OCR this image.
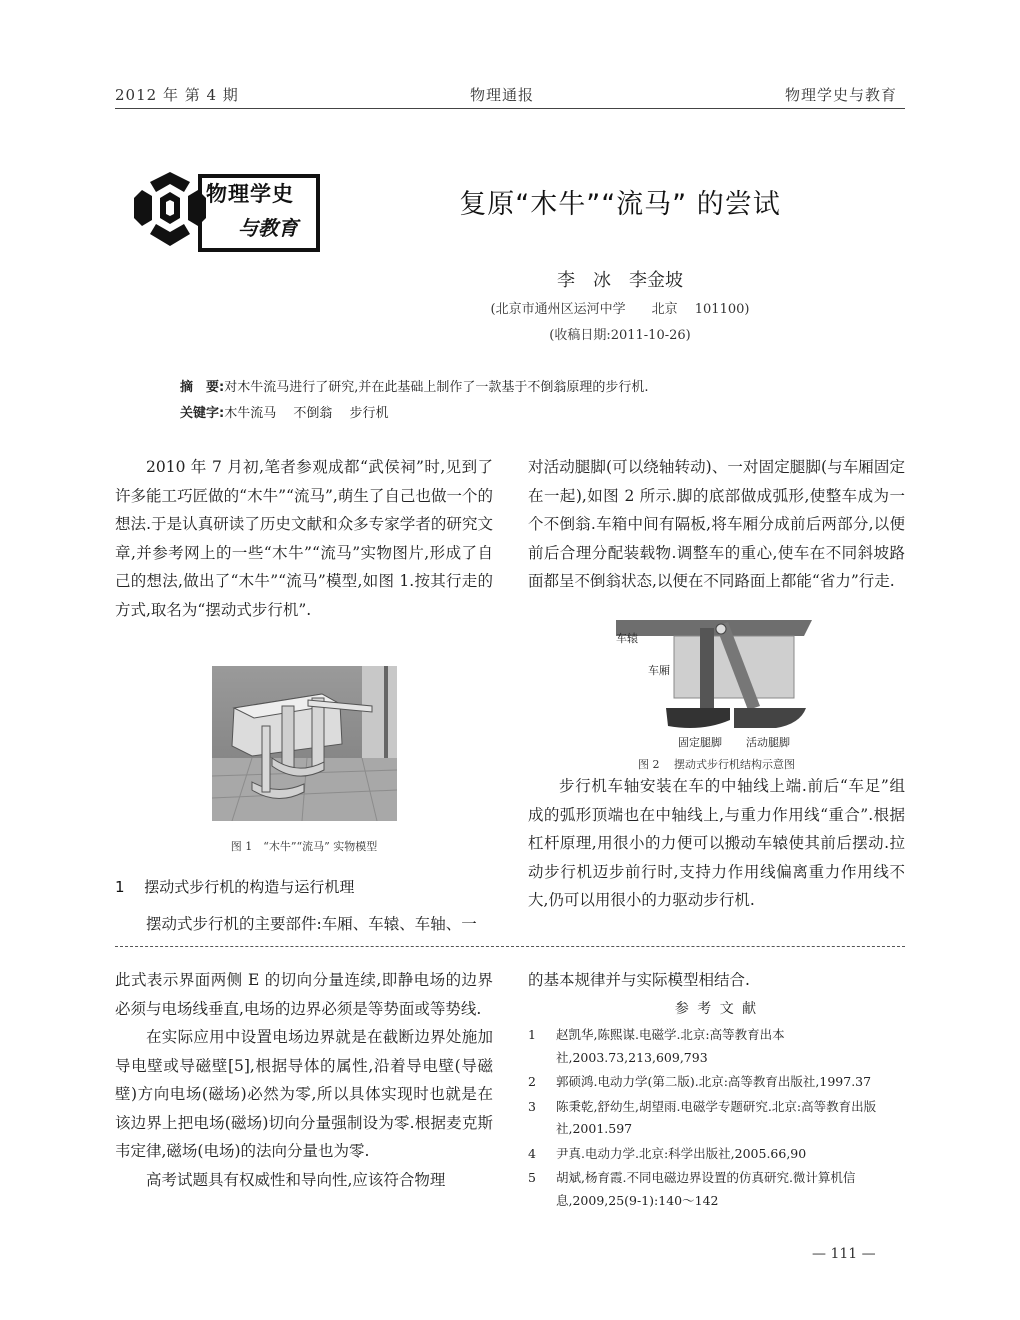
2012 年 第 4 期	物理通报	物理学史与教育
物理学史
与教育
复原“木牛”“流马” 的尝试
李　冰　李金坡
(北京市通州区运河中学　　北京　 101100)
(收稿日期:2011-10-26)
摘　要:对木牛流马进行了研究,并在此基础上制作了一款基于不倒翁原理的步行机.
关键字:木牛流马　 不倒翁　 步行机

2010 年 7 月初,笔者参观成都“武侯祠”时,见到了许多能工巧匠做的“木牛”“流马”,萌生了自己也做一个的想法.于是认真研读了历史文献和众多专家学者的研究文章,并参考网上的一些“木牛”“流马”实物图片,形成了自己的想法,做出了“木牛”“流马”模型,如图 1.按其行走的方式,取名为“摆动式步行机”.

图 1　“木牛”“流马” 实物模型
1　 摆动式步行机的构造与运行机理

摆动式步行机的主要部件:车厢、车辕、车轴、一

对活动腿脚(可以绕轴转动)、一对固定腿脚(与车厢固定在一起),如图 2 所示.脚的底部做成弧形,使整车成为一个不倒翁.车箱中间有隔板,将车厢分成前后两部分,以便前后合理分配装载物.调整车的重心,使车在不同斜坡路面都呈不倒翁状态,以便在不同路面上都能“省力”行走.

车辕
车厢
固定腿脚 活动腿脚
图 2　 摆动式步行机结构示意图

步行机车轴安装在车的中轴线上端.前后“车足”组成的弧形顶端也在中轴线上,与重力作用线“重合”.根据杠杆原理,用很小的力便可以搬动车辕使其前后摆动.拉动步行机迈步前行时,支持力作用线偏离重力作用线不大,仍可以用很小的力驱动步行机.

此式表示界面两侧 E 的切向分量连续,即静电场的边界必须与电场线垂直,电场的边界必须是等势面或等势线.

在实际应用中设置电场边界就是在截断边界处施加导电壁或导磁壁[5],根据导体的属性,沿着导电壁(导磁壁)方向电场(磁场)必然为零,所以具体实现时也就是在该边界上把电场(磁场)切向分量强制设为零.根据麦克斯韦定律,磁场(电场)的法向分量也为零.

高考试题具有权威性和导向性,应该符合物理

的基本规律并与实际模型相结合.

参 考 文 献
1	赵凯华,陈熙谋.电磁学.北京:高等教育出本社,2003.73,213,609,793
2	郭硕鸿.电动力学(第二版).北京:高等教育出版社,1997.37
3	陈秉乾,舒幼生,胡望雨.电磁学专题研究.北京:高等教育出版社,2001.597
4	尹真.电动力学.北京:科学出版社,2005.66,90
5	胡斌,杨育霞.不同电磁边界设置的仿真研究.微计算机信息,2009,25(9-1):140～142
— 111 —
